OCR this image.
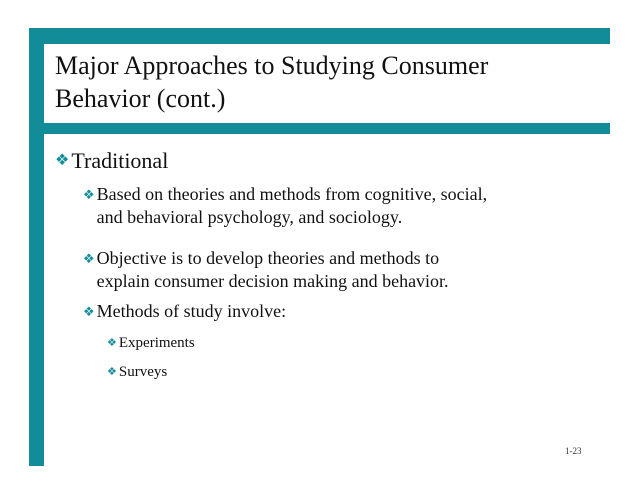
Major Approaches to Studying Consumer
Behavior (cont.)
❖ Traditional
❖ Based on theories and methods from cognitive, social,
and behavioral psychology, and sociology.
❖ Objective is to develop theories and methods to
explain consumer decision making and behavior.
❖ Methods of study involve:
❖ Experiments
❖ Surveys
1-23
